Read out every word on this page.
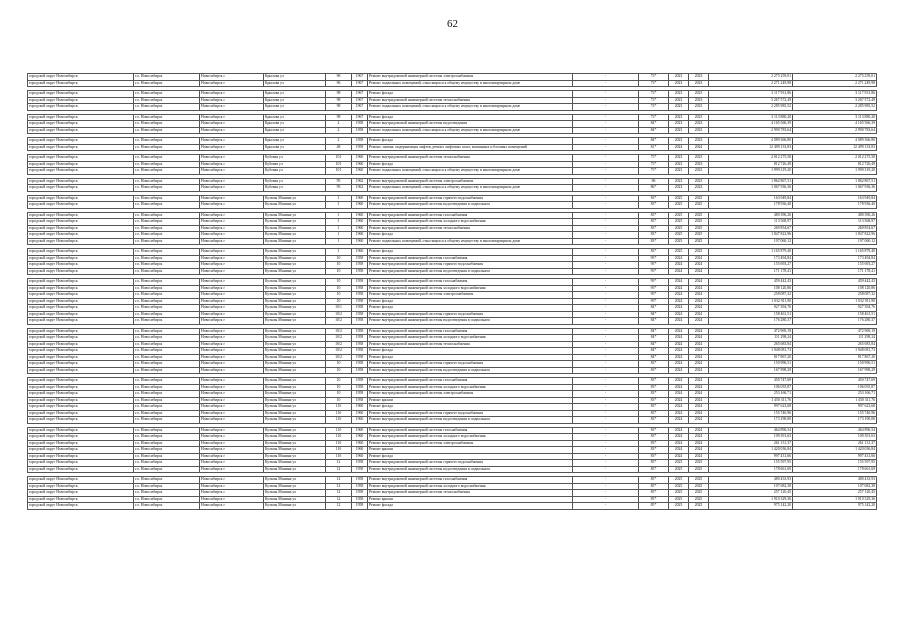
62
городской округ Новосибирск	г.о. Новосибирск	Новосибирск г	Крылова ул	96	1967	Ремонт внутридомовой инженерной системы электроснабжения	-	73*	2023	2023	2 275 259,01	2 275 259,01
городской округ Новосибирск	г.о. Новосибирск	Новосибирск г	Крылова ул	96	1967	Ремонт подвальных помещений, относящихся к общему имуществу в многоквартирном доме	-	73*	2023	2023	2 271 249,98	2 271 249,98

городской округ Новосибирск	г.о. Новосибирск	Новосибирск г	Крылова ул	98	1967	Ремонт фасада	-	73*	2023	2023	3 117 931,86	3 117 931,86
городской округ Новосибирск	г.о. Новосибирск	Новосибирск г	Крылова ул	98	1967	Ремонт внутридомовой инженерной системы теплоснабжения	-	73*	2023	2023	3 267 572,49	3 267 572,49
городской округ Новосибирск	г.о. Новосибирск	Новосибирск г	Крылова ул	98	1967	Ремонт подвальных помещений, относящихся к общему имуществу в многоквартирном доме	-	73*	2023	2023	2 285 985,52	2 285 985,52

городской округ Новосибирск	г.о. Новосибирск	Новосибирск г	Крылова ул	98	1967	Ремонт фасада	-	73*	2023	2023	3 113 880,20	3 113 880,20
городской округ Новосибирск	г.о. Новосибирск	Новосибирск г	Крылова ул	2	1958	Ремонт внутридомовой инженерной системы водоотведения	-	84*	2023	2023	4 165 566,39	4 165 566,39
городской округ Новосибирск	г.о. Новосибирск	Новосибирск г	Крылова ул	2	1958	Ремонт подвальных помещений, относящихся к общему имуществу в многоквартирном доме	-	84*	2023	2023	2 990 783,64	2 990 783,64

городской округ Новосибирск	г.о. Новосибирск	Новосибирск г	Крылова ул	2	1958	Ремонт фасада	-	84*	2023	2023	4 089 366,80	4 089 366,80
городской округ Новосибирск	г.о. Новосибирск	Новосибирск г	Крылова ул	48	1959	Ремонт, замена, модернизация лифтов, ремонт лифтовых шахт, машинных и блочных помещений	-	81*	2024	2024	12 499 133,83	12 499 133,83

городской округ Новосибирск	г.о. Новосибирск	Новосибирск г	Кубовая ул	101	1960	Ремонт внутридомовой инженерной системы теплоснабжения	-	75*	2023	2023	2 012 275,58	2 012 275,58
городской округ Новосибирск	г.о. Новосибирск	Новосибирск г	Кубовая ул	101	1960	Ремонт фасада	-	75*	2023	2023	812 726,49	812 726,49
городской округ Новосибирск	г.о. Новосибирск	Новосибирск г	Кубовая ул	101	1960	Ремонт подвальных помещений, относящихся к общему имуществу в многоквартирном доме	-	75*	2023	2023	1 999 319,20	1 999 319,20

городской округ Новосибирск	г.о. Новосибирск	Новосибирск г	Кубовая ул	95	1962	Ремонт внутридомовой инженерной системы электроснабжения	-	86	2023	2023	1 862 867,51	1 862 867,51
городской округ Новосибирск	г.о. Новосибирск	Новосибирск г	Кубовая ул	95	1962	Ремонт подвальных помещений, относящихся к общему имуществу в многоквартирном доме	-	86*	2023	2023	1 067 936,36	1 067 936,36

городской округ Новосибирск	г.о. Новосибирск	Новосибирск г	Кузьмы Минина ул	1	1960	Ремонт внутридомовой инженерной системы горячего водоснабжения	-	83*	2025	2025	163 949,84	163 949,84
городской округ Новосибирск	г.о. Новосибирск	Новосибирск г	Кузьмы Минина ул	1	1960	Ремонт внутридомовой инженерной системы водоотведения в подвальном	-	83*	2025	2025	178 936,40	178 936,40

городской округ Новосибирск	г.о. Новосибирск	Новосибирск г	Кузьмы Минина ул	1	1960	Ремонт внутридомовой инженерной системы газоснабжения	-	83*	2025	2025	480 396,26	480 396,26
городской округ Новосибирск	г.о. Новосибирск	Новосибирск г	Кузьмы Минина ул	1	1960	Ремонт внутридомовой инженерной системы холодного водоснабжения	-	83*	2025	2025	113 568,97	113 568,97
городской округ Новосибирск	г.о. Новосибирск	Новосибирск г	Кузьмы Минина ул	1	1960	Ремонт внутридомовой инженерной системы теплоснабжения	-	83*	2025	2025	269 854,67	269 854,67
городской округ Новосибирск	г.о. Новосибирск	Новосибирск г	Кузьмы Минина ул	1	1960	Ремонт фасада	-	83*	2025	2025	1 847 822,96	1 847 822,96
городской округ Новосибирск	г.о. Новосибирск	Новосибирск г	Кузьмы Минина ул	1	1960	Ремонт подвальных помещений, относящихся к общему имуществу в многоквартирном доме	-	83*	2025	2025	197 060,12	197 060,12

городской округ Новосибирск	г.о. Новосибирск	Новосибирск г	Кузьмы Минина ул	1	1960	Ремонт фасада	-	83*	2025	2025	1 165 879,40	1 165 879,40
городской округ Новосибирск	г.о. Новосибирск	Новосибирск г	Кузьмы Минина ул	10	1958	Ремонт внутридомовой инженерной системы газоснабжения	-	95*	2024	2024	173 494,84	173 494,84
городской округ Новосибирск	г.о. Новосибирск	Новосибирск г	Кузьмы Минина ул	10	1958	Ремонт внутридомовой инженерной системы горячего водоснабжения	-	95*	2024	2024	155 693,27	155 693,27
городской округ Новосибирск	г.о. Новосибирск	Новосибирск г	Кузьмы Минина ул	10	1958	Ремонт внутридомовой инженерной системы водоотведения в подвальном	-	95*	2024	2024	171 178,41	171 178,41

городской округ Новосибирск	г.о. Новосибирск	Новосибирск г	Кузьмы Минина ул	10	1958	Ремонт внутридомовой инженерной системы газоснабжения	-	95*	2024	2024	459 442,43	459 442,43
городской округ Новосибирск	г.о. Новосибирск	Новосибирск г	Кузьмы Минина ул	10	1958	Ремонт внутридомовой инженерной системы холодного водоснабжения	-	95*	2024	2024	108 120,86	108 120,86
городской округ Новосибирск	г.о. Новосибирск	Новосибирск г	Кузьмы Минина ул	10	1958	Ремонт внутридомовой инженерной системы электроснабжения	-	95*	2024	2024	258 087,32	258 087,32
городской округ Новосибирск	г.о. Новосибирск	Новосибирск г	Кузьмы Минина ул	10	1958	Ремонт фасада	-	95*	2024	2024	1 032 911,90	1 032 911,90
городской округ Новосибирск	г.о. Новосибирск	Новосибирск г	Кузьмы Минина ул	10/1	1958	Ремонт фасада	-	84*	2024	2024	927 394,76	927 394,76
городской округ Новосибирск	г.о. Новосибирск	Новосибирск г	Кузьмы Минина ул	10/2	1958	Ремонт внутридомовой инженерной системы горячего водоснабжения	-	84*	2024	2024	158 461,51	158 461,51
городской округ Новосибирск	г.о. Новосибирск	Новосибирск г	Кузьмы Минина ул	10/2	1958	Ремонт внутридомовой инженерной системы водоотведения в подвальном	-	84*	2024	2024	176 280,37	176 280,37

городской округ Новосибирск	г.о. Новосибирск	Новосибирск г	Кузьмы Минина ул	10/2	1958	Ремонт внутридомовой инженерной системы газоснабжения	-	84*	2024	2024	472 969,19	472 969,19
городской округ Новосибирск	г.о. Новосибирск	Новосибирск г	Кузьмы Минина ул	10/2	1958	Ремонт внутридомовой инженерной системы холодного водоснабжения	-	84*	2024	2024	111 298,24	111 298,24
городской округ Новосибирск	г.о. Новосибирск	Новосибирск г	Кузьмы Минина ул	10/2	1958	Ремонт внутридомовой инженерной системы теплоснабжения	-	84*	2024	2024	265 683,84	265 683,84
городской округ Новосибирск	г.о. Новосибирск	Новосибирск г	Кузьмы Минина ул	10/2	1958	Ремонт фасада	-	84*	2024	2024	1 948 081,73	1 948 081,73
городской округ Новосибирск	г.о. Новосибирск	Новосибирск г	Кузьмы Минина ул	10/2	1958	Ремонт фасада	-	84*	2024	2024	817 867,20	817 867,20
городской округ Новосибирск	г.о. Новосибирск	Новосибирск г	Кузьмы Минина ул	10	1958	Ремонт внутридомовой инженерной системы горячего водоснабжения	-	83*	2024	2024	150 996,51	150 996,51
городской округ Новосибирск	г.о. Новосибирск	Новосибирск г	Кузьмы Минина ул	10	1958	Ремонт внутридомовой инженерной системы водоотведения в подвальном	-	83*	2024	2024	167 998,29	167 998,29

городской округ Новосибирск	г.о. Новосибирск	Новосибирск г	Кузьмы Минина ул	10	1958	Ремонт внутридомовой инженерной системы газоснабжения	-	83*	2024	2024	450 747,69	450 747,69
городской округ Новосибирск	г.о. Новосибирск	Новосибирск г	Кузьмы Минина ул	10	1958	Ремонт внутридомовой инженерной системы холодного водоснабжения	-	83*	2024	2024	106 055,87	106 055,87
городской округ Новосибирск	г.о. Новосибирск	Новосибирск г	Кузьмы Минина ул	10	1958	Ремонт внутридомовой инженерной системы электроснабжения	-	83*	2024	2024	253 166,71	253 166,71
городской округ Новосибирск	г.о. Новосибирск	Новосибирск г	Кузьмы Минина ул	10	1958	Ремонт крыши	-	83*	2024	2024	1 450 311,76	1 450 311,76
городской округ Новосибирск	г.о. Новосибирск	Новосибирск г	Кузьмы Минина ул	11б	1960	Ремонт фасада	-	83*	2024	2024	997 623,68	997 623,68
городской округ Новосибирск	г.о. Новосибирск	Новосибирск г	Кузьмы Минина ул	11б	1960	Ремонт внутридомовой инженерной системы горячего водоснабжения	-	83*	2024	2024	155 740,96	155 740,96
городской округ Новосибирск	г.о. Новосибирск	Новосибирск г	Кузьмы Минина ул	11б	1960	Ремонт внутридомовой инженерной системы водоотведения в подвальном	-	83*	2024	2024	173 190,00	173 190,00

городской округ Новосибирск	г.о. Новосибирск	Новосибирск г	Кузьмы Минина ул	11б	1960	Ремонт внутридомовой инженерной системы газоснабжения	-	83*	2024	2024	464 896,54	464 896,54
городской округ Новосибирск	г.о. Новосибирск	Новосибирск г	Кузьмы Минина ул	11б	1960	Ремонт внутридомовой инженерной системы холодного водоснабжения	-	83*	2024	2024	109 391,63	109 391,63
городской округ Новосибирск	г.о. Новосибирск	Новосибирск г	Кузьмы Минина ул	11б	1960	Ремонт внутридомовой инженерной системы электроснабжения	-	83*	2024	2024	261 131,37	261 131,37
городской округ Новосибирск	г.о. Новосибирск	Новосибирск г	Кузьмы Минина ул	11б	1960	Ремонт крыши	-	83*	2024	2024	1 420 036,84	1 420 036,84
городской округ Новосибирск	г.о. Новосибирск	Новосибирск г	Кузьмы Минина ул	11б	1960	Ремонт фасада	-	83*	2024	2024	997 431,66	997 431,66
городской округ Новосибирск	г.о. Новосибирск	Новосибирск г	Кузьмы Минина ул	12	1958	Ремонт внутридомовой инженерной системы горячего водоснабжения	-	85*	2025	2025	155 597,95	155 597,95
городской округ Новосибирск	г.о. Новосибирск	Новосибирск г	Кузьмы Минина ул	12	1958	Ремонт внутридомовой инженерной системы водоотведения в подвальном	-	85*	2025	2025	178 661,69	178 661,69

городской округ Новосибирск	г.о. Новосибирск	Новосибирск г	Кузьмы Минина ул	12	1958	Ремонт внутридомовой инженерной системы газоснабжения	-	85*	2025	2025	480 433,93	480 433,93
городской округ Новосибирск	г.о. Новосибирск	Новосибирск г	Кузьмы Минина ул	12	1958	Ремонт внутридомовой инженерной системы холодного водоснабжения	-	85*	2025	2025	107 682,38	107 682,38
городской округ Новосибирск	г.о. Новосибирск	Новосибирск г	Кузьмы Минина ул	12	1958	Ремонт внутридомовой инженерной системы теплоснабжения	-	85*	2025	2025	257 120,45	257 120,45
городской округ Новосибирск	г.о. Новосибирск	Новосибирск г	Кузьмы Минина ул	12	1958	Ремонт крыши	-	85*	2025	2025	1 910 329,36	1 910 329,36
городской округ Новосибирск	г.о. Новосибирск	Новосибирск г	Кузьмы Минина ул	12	1958	Ремонт фасада	-	85*	2025	2025	975 142,20	975 142,20
